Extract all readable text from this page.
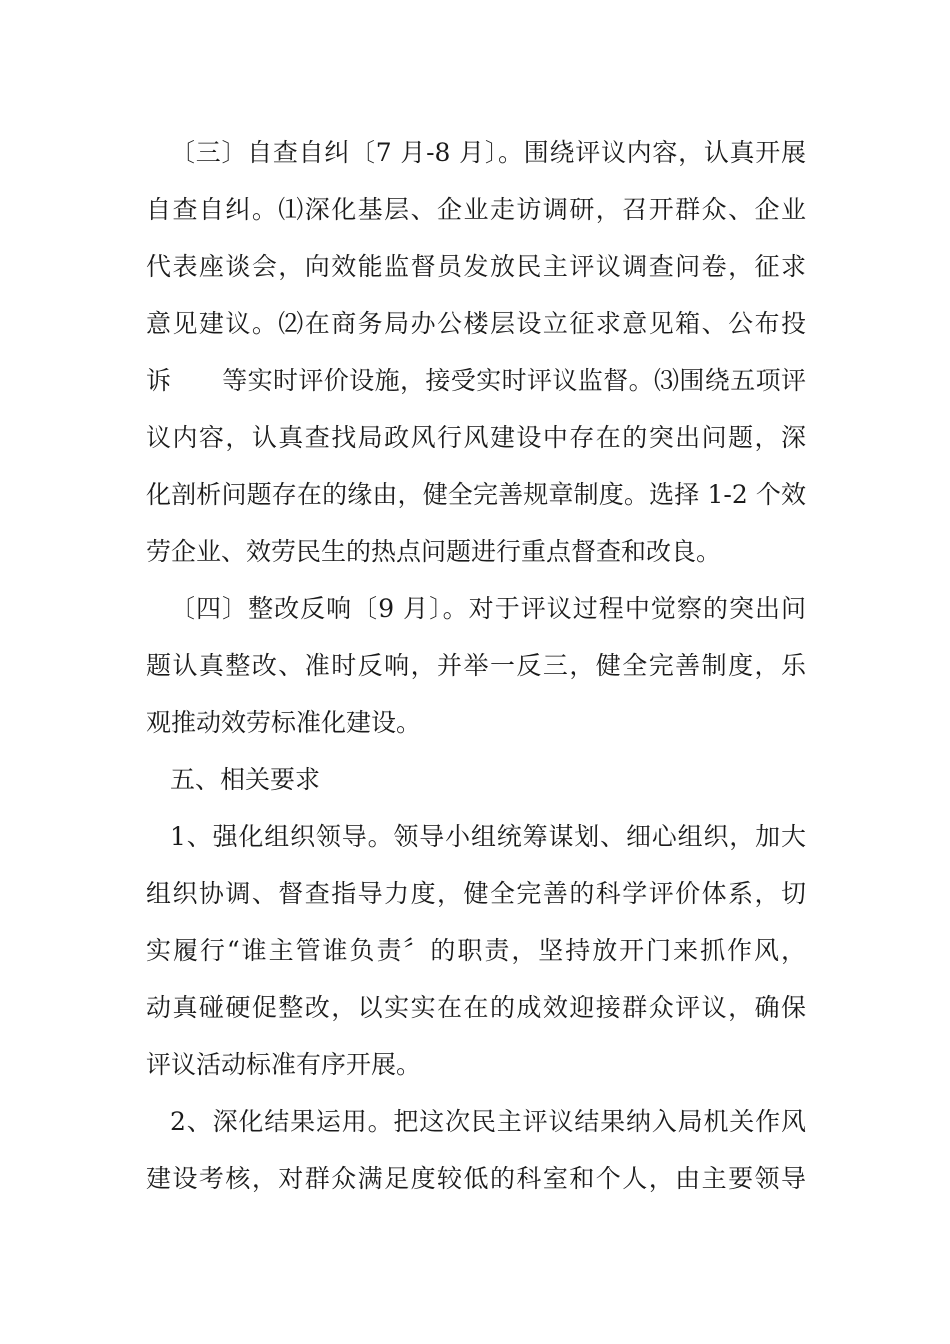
〔三〕自查自纠〔7 月-8 月〕。围绕评议内容，认真开展
自查自纠。⑴深化基层、企业走访调研，召开群众、企业
代表座谈会，向效能监督员发放民主评议调查问卷，征求
意见建议。⑵在商务局办公楼层设立征求意见箱、公布投
诉　　等实时评价设施，接受实时评议监督。⑶围绕五项评
议内容，认真查找局政风行风建设中存在的突出问题，深
化剖析问题存在的缘由，健全完善规章制度。选择 1-2 个效
劳企业、效劳民生的热点问题进行重点督查和改良。
〔四〕整改反响〔9 月〕。对于评议过程中觉察的突出问
题认真整改、准时反响，并举一反三，健全完善制度，乐
观推动效劳标准化建设。
五、相关要求
1、强化组织领导。领导小组统筹谋划、细心组织，加大
组织协调、督查指导力度，健全完善的科学评价体系，切
实履行“谁主管谁负责〞的职责，坚持放开门来抓作风，
动真碰硬促整改，以实实在在的成效迎接群众评议，确保
评议活动标准有序开展。
2、深化结果运用。把这次民主评议结果纳入局机关作风
建设考核，对群众满足度较低的科室和个人，由主要领导
